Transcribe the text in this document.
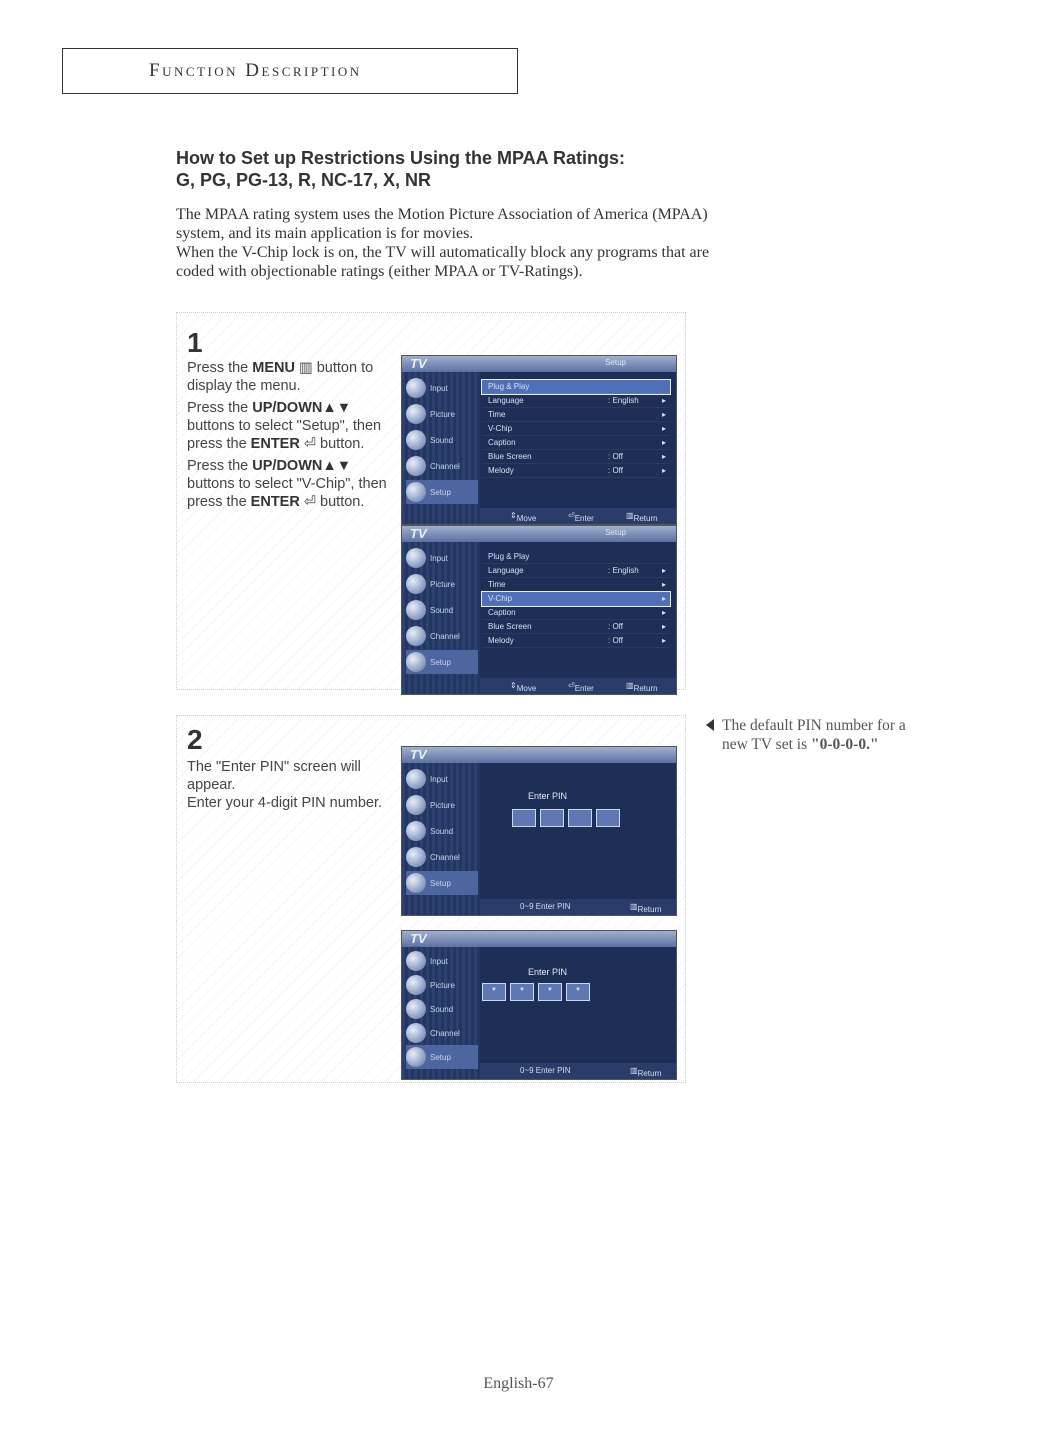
Function Description
How to Set up Restrictions Using the MPAA Ratings:
G, PG, PG-13, R, NC-17, X, NR

The MPAA rating system uses the Motion Picture Association of America (MPAA)

system, and its main application is for movies.

When the V-Chip lock is on, the TV will automatically block any programs that are

coded with objectionable ratings (either MPAA or TV-Ratings).

1

Press the MENU ▥ button to display the menu.

Press the UP/DOWN▲▼ buttons to select "Setup", then press the ENTER ⏎ button.

Press the UP/DOWN▲▼ buttons to select "V-Chip", then press the ENTER ⏎ button.

TV	Setup
Input
Picture
Sound
Channel
Setup
Plug & Play
Language	: English	▸
Time	▸
V-Chip	▸
Caption	▸
Blue Screen	: Off	▸
Melody	: Off	▸
⇕ Move	⏎ Enter	▥ Return
TV	Setup
Input
Picture
Sound
Channel
Setup
Plug & Play
Language	: English	▸
Time	▸
V-Chip	▸
Caption	▸
Blue Screen	: Off	▸
Melody	: Off	▸
⇕ Move	⏎ Enter	▥ Return
2

The "Enter PIN" screen will appear.

Enter your 4-digit PIN number.

TV
Input
Picture
Sound
Channel
Setup
Enter PIN
0~9 Enter PIN	▥ Return
TV
Input
Picture
Sound
Channel
Setup
Enter PIN
*	*	*	*
0~9 Enter PIN	▥ Return
The default PIN number for a new TV set is "0-0-0-0."
English-67
